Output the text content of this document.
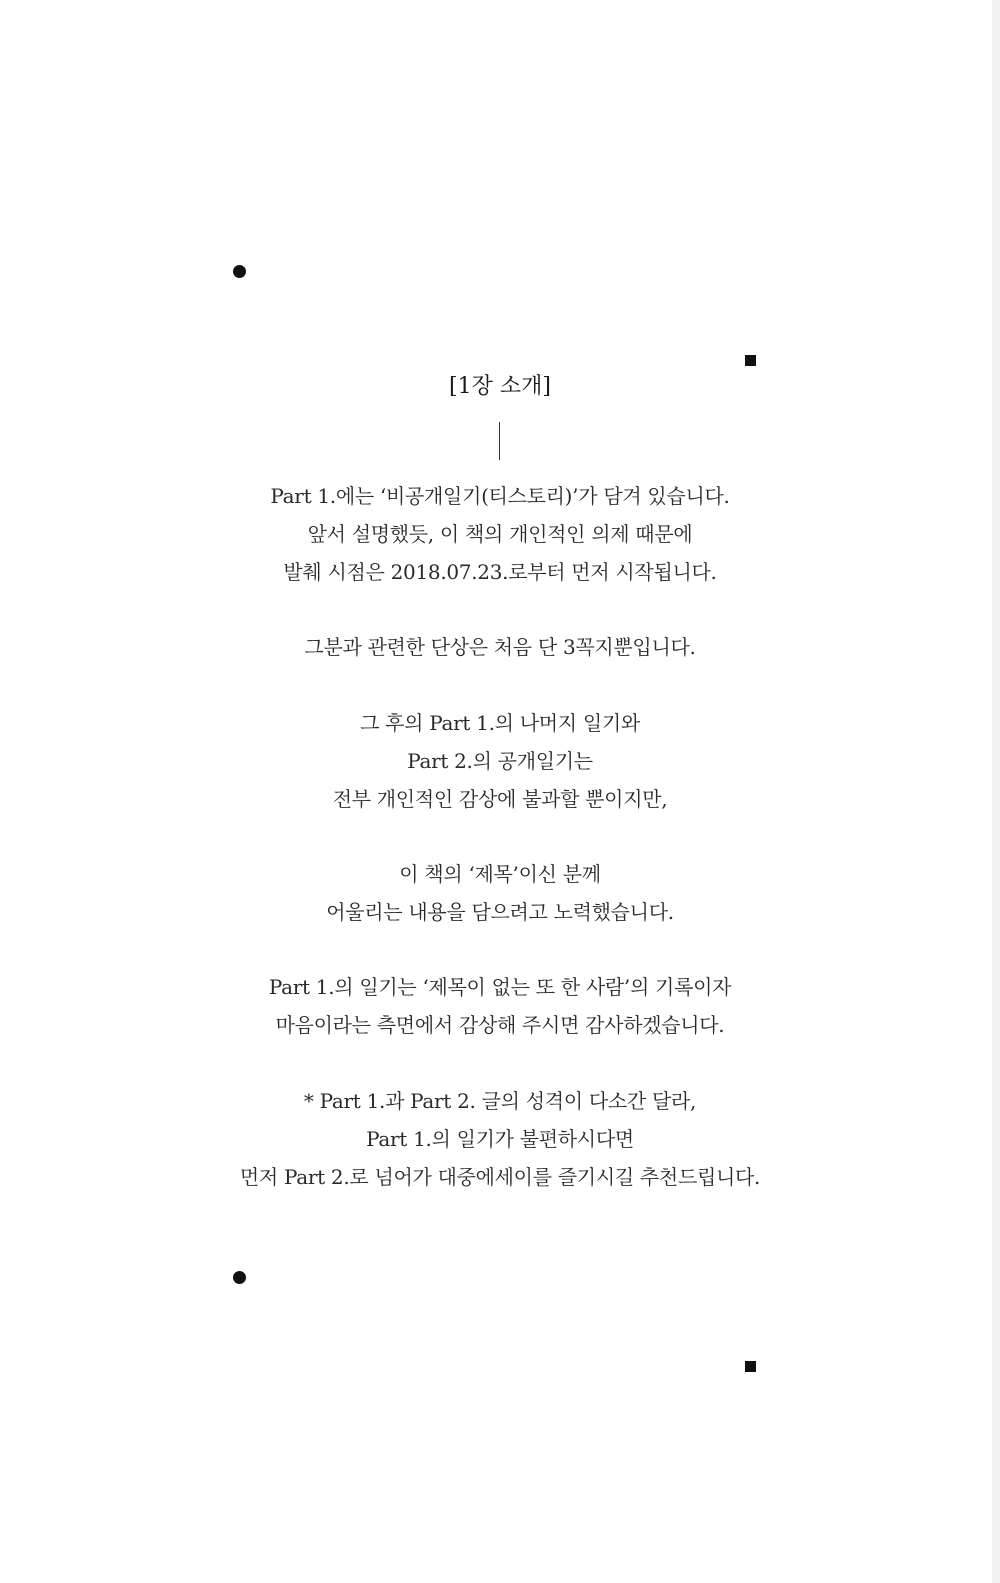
[1장 소개]
Part 1.에는 ‘비공개일기(티스토리)’가 담겨 있습니다.
앞서 설명했듯, 이 책의 개인적인 의제 때문에
발췌 시점은 2018.07.23.로부터 먼저 시작됩니다.
그분과 관련한 단상은 처음 단 3꼭지뿐입니다.
그 후의 Part 1.의 나머지 일기와
Part 2.의 공개일기는
전부 개인적인 감상에 불과할 뿐이지만,
이 책의 ‘제목’이신 분께
어울리는 내용을 담으려고 노력했습니다.
Part 1.의 일기는 ‘제목이 없는 또 한 사람’의 기록이자
마음이라는 측면에서 감상해 주시면 감사하겠습니다.
* Part 1.과 Part 2. 글의 성격이 다소간 달라,
Part 1.의 일기가 불편하시다면
먼저 Part 2.로 넘어가 대중에세이를 즐기시길 추천드립니다.
